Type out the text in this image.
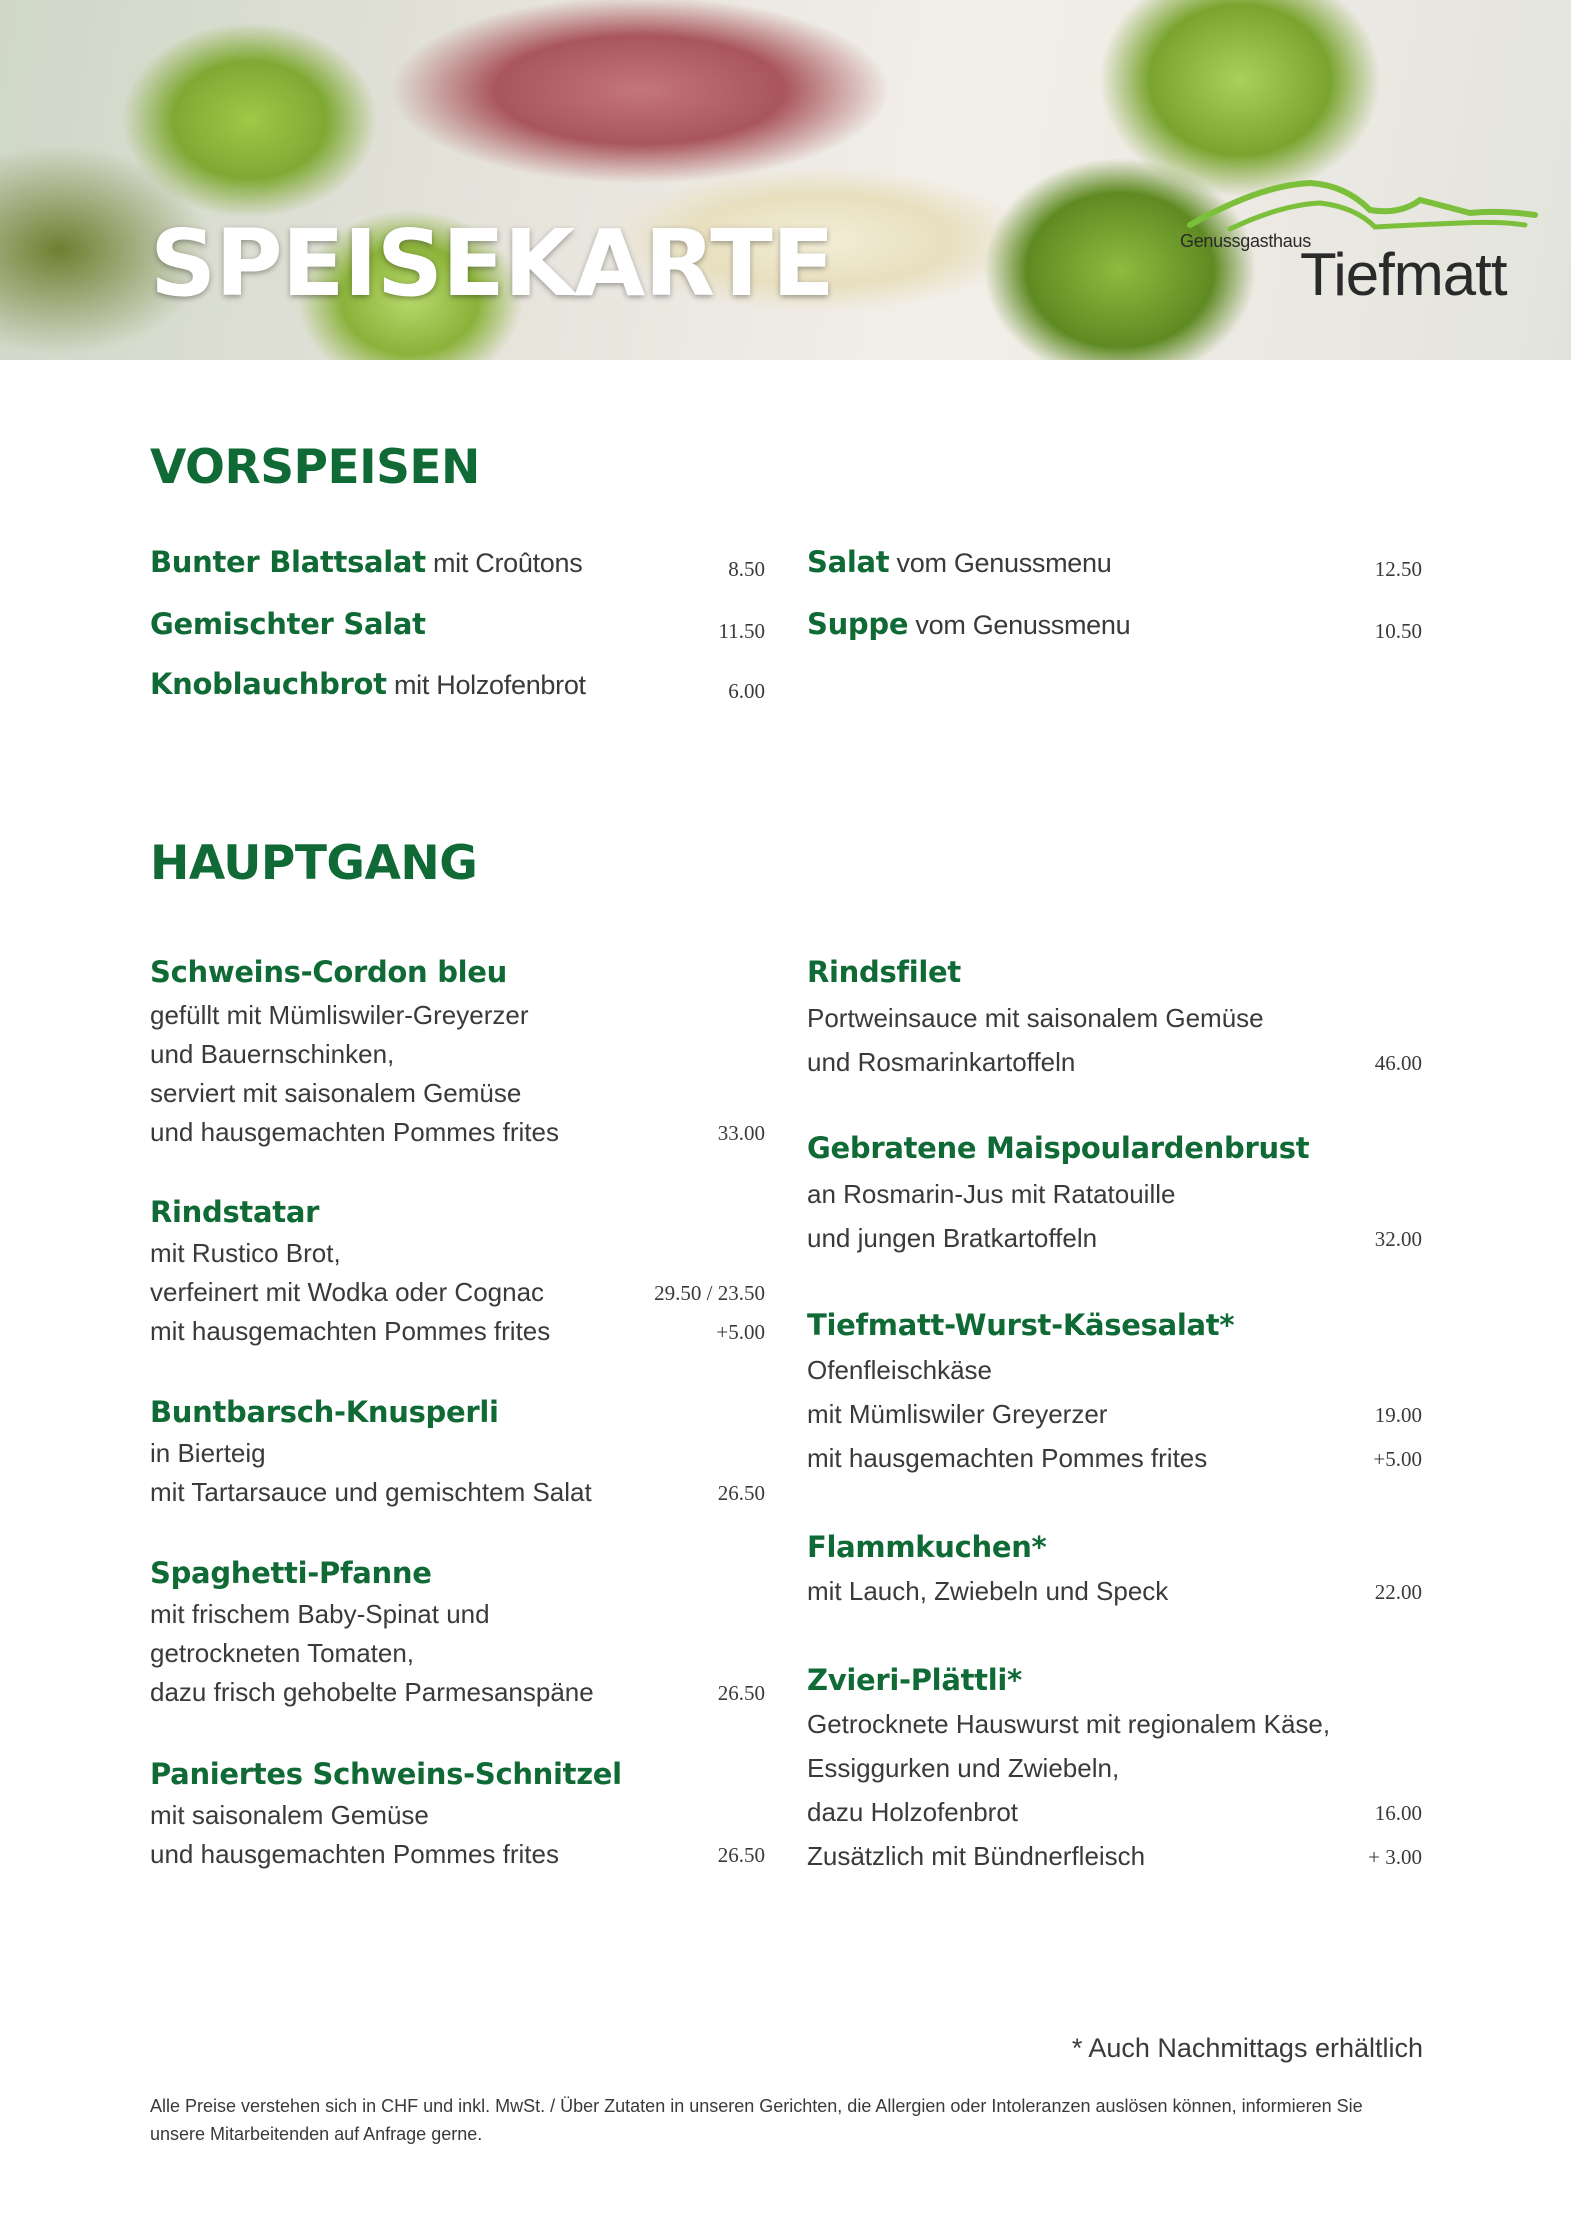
SPEISEKARTE	Genussgasthaus
Tiefmatt
VORSPEISEN
Bunter Blattsalat mit Croûtons	8.50
Gemischter Salat	11.50
Knoblauchbrot mit Holzofenbrot	6.00
Salat vom Genussmenu	12.50
Suppe vom Genussmenu	10.50
HAUPTGANG
Schweins-Cordon bleu
gefüllt mit Mümliswiler-Greyerzer
und Bauernschinken,
serviert mit saisonalem Gemüse
und hausgemachten Pommes frites	33.00
Rindstatar
mit Rustico Brot,
verfeinert mit Wodka oder Cognac	29.50 / 23.50
mit hausgemachten Pommes frites	+5.00
Buntbarsch-Knusperli
in Bierteig
mit Tartarsauce und gemischtem Salat	26.50
Spaghetti-Pfanne
mit frischem Baby-Spinat und
getrockneten Tomaten,
dazu frisch gehobelte Parmesanspäne	26.50
Paniertes Schweins-Schnitzel
mit saisonalem Gemüse
und hausgemachten Pommes frites	26.50
Rindsfilet
Portweinsauce mit saisonalem Gemüse
und Rosmarinkartoffeln	46.00
Gebratene Maispoulardenbrust
an Rosmarin-Jus mit Ratatouille
und jungen Bratkartoffeln	32.00
Tiefmatt-Wurst-Käsesalat*
Ofenfleischkäse
mit Mümliswiler Greyerzer	19.00
mit hausgemachten Pommes frites	+5.00
Flammkuchen*
mit Lauch, Zwiebeln und Speck	22.00
Zvieri-Plättli*
Getrocknete Hauswurst mit regionalem Käse,
Essiggurken und Zwiebeln,
dazu Holzofenbrot	16.00
Zusätzlich mit Bündnerfleisch	+ 3.00
* Auch Nachmittags erhältlich
Alle Preise verstehen sich in CHF und inkl. MwSt. / Über Zutaten in unseren Gerichten, die Allergien oder Intoleranzen auslösen können, informieren Sie unsere Mitarbeitenden auf Anfrage gerne.
